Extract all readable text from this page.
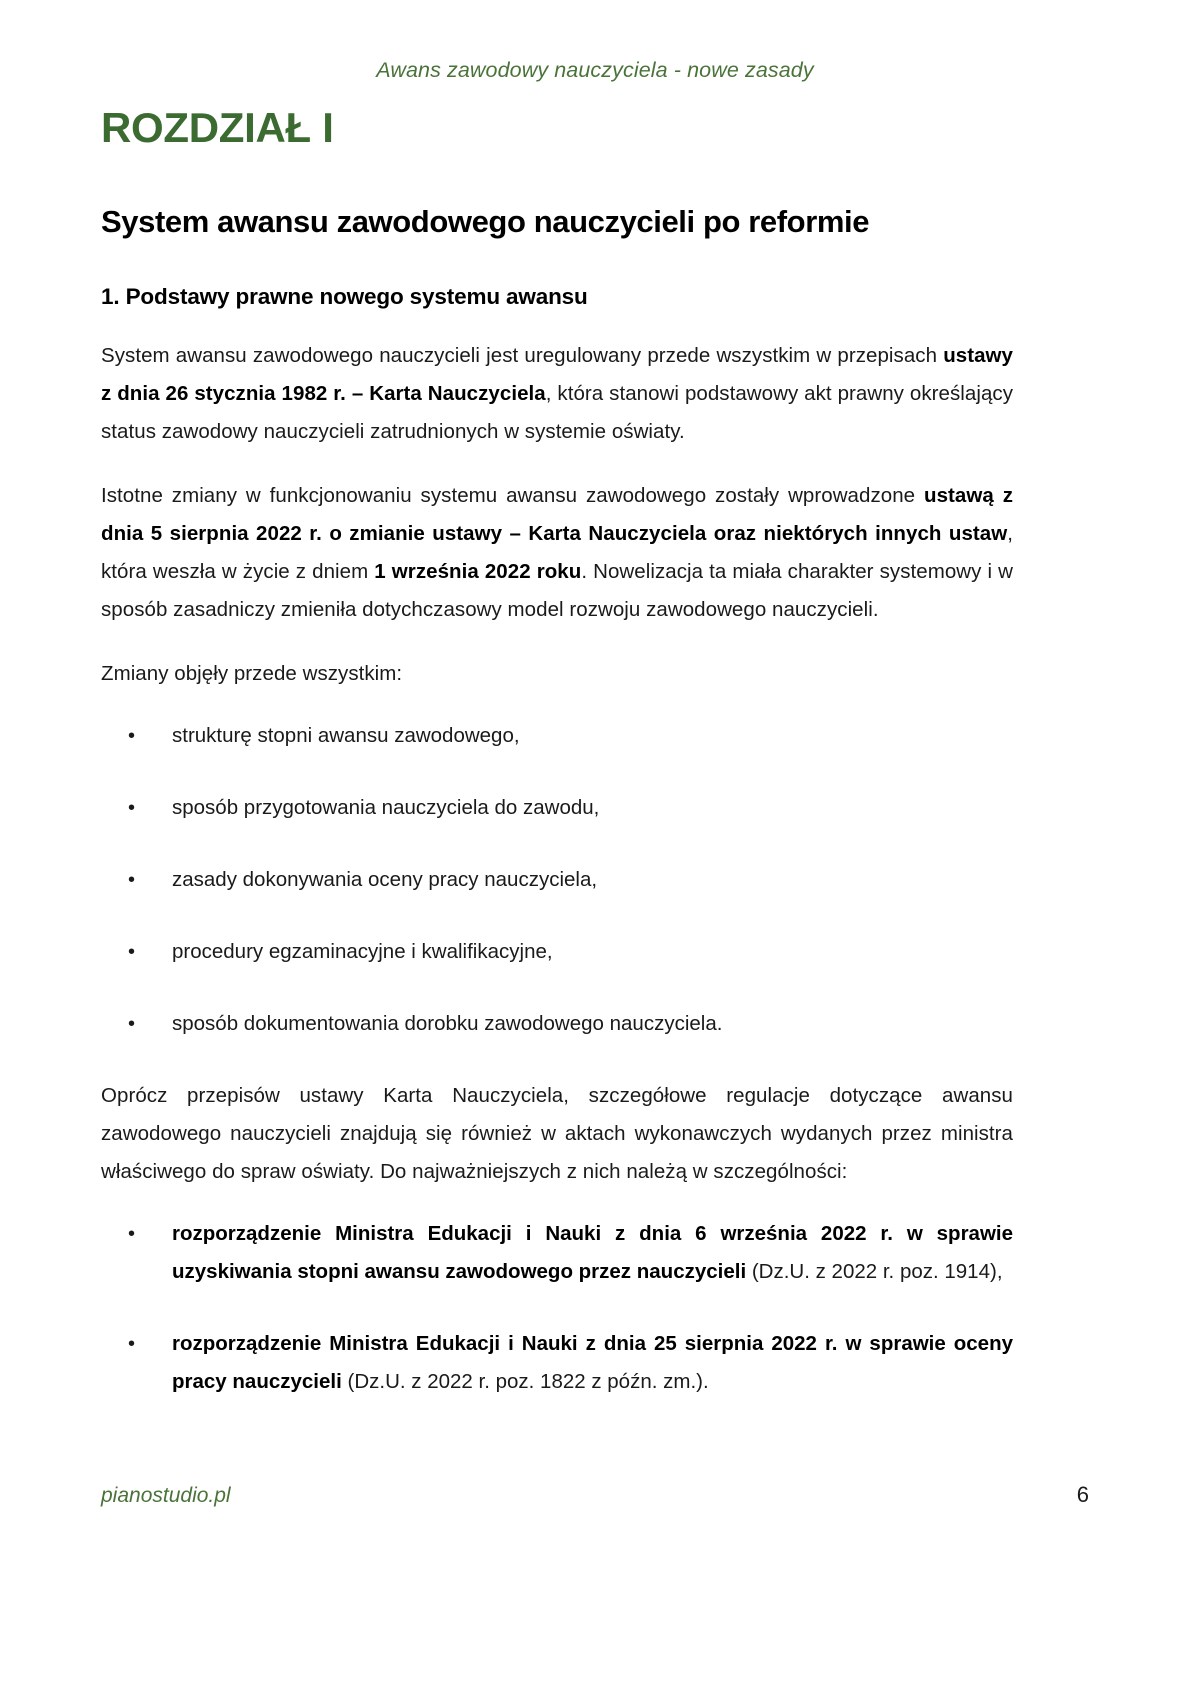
Awans zawodowy nauczyciela - nowe zasady
ROZDZIAŁ I
System awansu zawodowego nauczycieli po reformie
1. Podstawy prawne nowego systemu awansu

System awansu zawodowego nauczycieli jest uregulowany przede wszystkim w przepisach ustawy z dnia 26 stycznia 1982 r. – Karta Nauczyciela, która stanowi podstawowy akt prawny określający status zawodowy nauczycieli zatrudnionych w systemie oświaty.

Istotne zmiany w funkcjonowaniu systemu awansu zawodowego zostały wprowadzone ustawą z dnia 5 sierpnia 2022 r. o zmianie ustawy – Karta Nauczyciela oraz niektórych innych ustaw, która weszła w życie z dniem 1 września 2022 roku. Nowelizacja ta miała charakter systemowy i w sposób zasadniczy zmieniła dotychczasowy model rozwoju zawodowego nauczycieli.

Zmiany objęły przede wszystkim:

• strukturę stopni awansu zawodowego,
• sposób przygotowania nauczyciela do zawodu,
• zasady dokonywania oceny pracy nauczyciela,
• procedury egzaminacyjne i kwalifikacyjne,
• sposób dokumentowania dorobku zawodowego nauczyciela.

Oprócz przepisów ustawy Karta Nauczyciela, szczegółowe regulacje dotyczące awansu zawodowego nauczycieli znajdują się również w aktach wykonawczych wydanych przez ministra właściwego do spraw oświaty. Do najważniejszych z nich należą w szczególności:

• rozporządzenie Ministra Edukacji i Nauki z dnia 6 września 2022 r. w sprawie uzyskiwania stopni awansu zawodowego przez nauczycieli (Dz.U. z 2022 r. poz. 1914),
• rozporządzenie Ministra Edukacji i Nauki z dnia 25 sierpnia 2022 r. w sprawie oceny pracy nauczycieli (Dz.U. z 2022 r. poz. 1822 z późn. zm.).
pianostudio.pl	6
